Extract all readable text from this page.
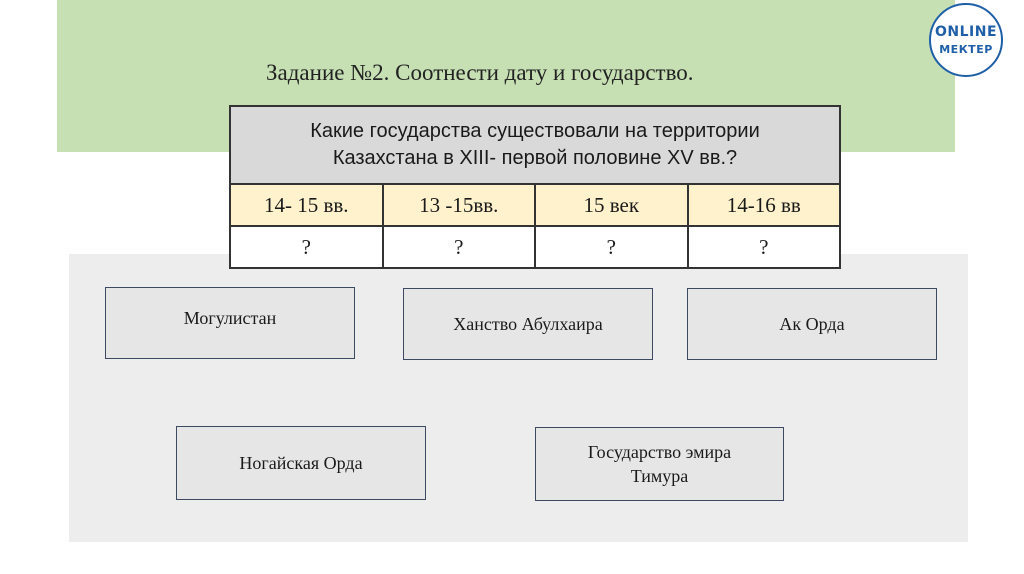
Задание №2. Соотнести дату и государство.
ONLINE
МЕКТЕР
Какие государства существовали на территории
Казахстана в XIII- первой половине XV вв.?			
14- 15 вв.	13 -15вв.	15 век	14-16 вв
?	?	?	?
Могулистан	Ханство Абулхаира	Ак Орда
Ногайская Орда
Государство эмира
Тимура
